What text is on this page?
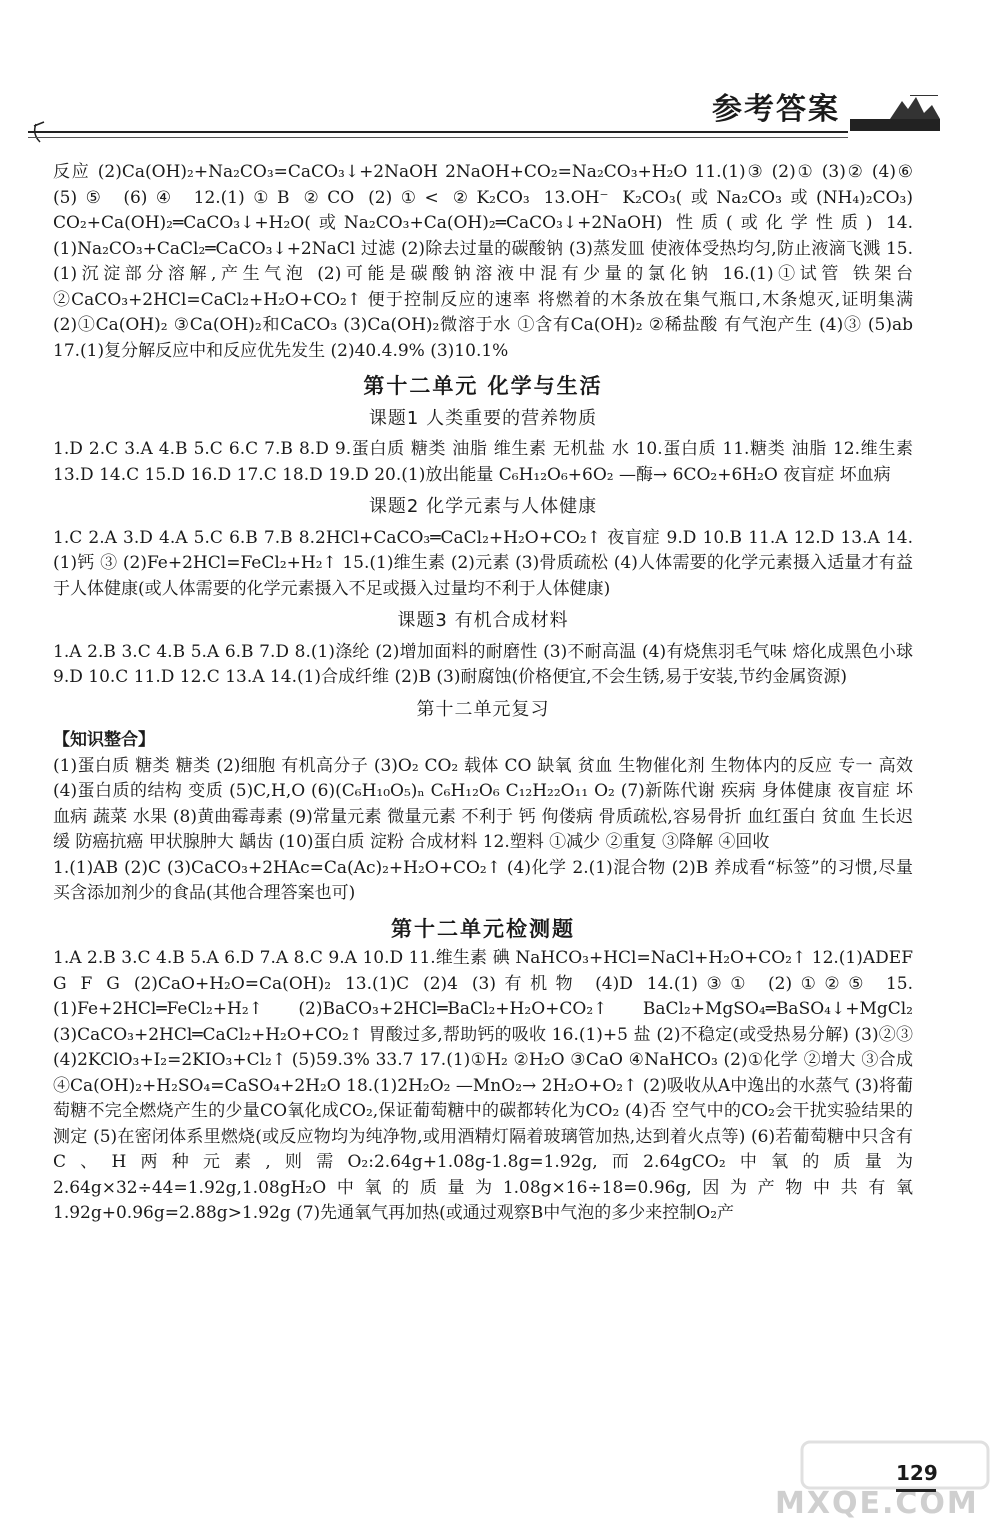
参考答案
反应 (2)Ca(OH)₂+Na₂CO₃=CaCO₃↓+2NaOH 2NaOH+CO₂=Na₂CO₃+H₂O 11.(1)③ (2)① (3)② (4)⑥ (5)⑤ (6)④ 12.(1)①B ②CO (2)①< ②K₂CO₃ 13.OH⁻ K₂CO₃(或Na₂CO₃或(NH₄)₂CO₃) CO₂+Ca(OH)₂═CaCO₃↓+H₂O(或Na₂CO₃+Ca(OH)₂═CaCO₃↓+2NaOH) 性质(或化学性质) 14.(1)Na₂CO₃+CaCl₂═CaCO₃↓+2NaCl 过滤 (2)除去过量的碳酸钠 (3)蒸发皿 使液体受热均匀,防止液滴飞溅 15.(1)沉淀部分溶解,产生气泡 (2)可能是碳酸钠溶液中混有少量的氯化钠 16.(1)①试管 铁架台 ②CaCO₃+2HCl=CaCl₂+H₂O+CO₂↑ 便于控制反应的速率 将燃着的木条放在集气瓶口,木条熄灭,证明集满 (2)①Ca(OH)₂ ③Ca(OH)₂和CaCO₃ (3)Ca(OH)₂微溶于水 ①含有Ca(OH)₂ ②稀盐酸 有气泡产生 (4)③ (5)ab 17.(1)复分解反应中和反应优先发生 (2)40.4.9% (3)10.1%
第十二单元 化学与生活
课题1 人类重要的营养物质
1.D 2.C 3.A 4.B 5.C 6.C 7.B 8.D 9.蛋白质 糖类 油脂 维生素 无机盐 水 10.蛋白质 11.糖类 油脂 12.维生素 13.D 14.C 15.D 16.D 17.C 18.D 19.D 20.(1)放出能量 C₆H₁₂O₆+6O₂ —酶→ 6CO₂+6H₂O 夜盲症 坏血病
课题2 化学元素与人体健康
1.C 2.A 3.D 4.A 5.C 6.B 7.B 8.2HCl+CaCO₃═CaCl₂+H₂O+CO₂↑ 夜盲症 9.D 10.B 11.A 12.D 13.A 14.(1)钙 ③ (2)Fe+2HCl=FeCl₂+H₂↑ 15.(1)维生素 (2)元素 (3)骨质疏松 (4)人体需要的化学元素摄入适量才有益于人体健康(或人体需要的化学元素摄入不足或摄入过量均不利于人体健康)
课题3 有机合成材料
1.A 2.B 3.C 4.B 5.A 6.B 7.D 8.(1)涤纶 (2)增加面料的耐磨性 (3)不耐高温 (4)有烧焦羽毛气味 熔化成黑色小球 9.D 10.C 11.D 12.C 13.A 14.(1)合成纤维 (2)B (3)耐腐蚀(价格便宜,不会生锈,易于安装,节约金属资源)
第十二单元复习
【知识整合】
(1)蛋白质 糖类 糖类 (2)细胞 有机高分子 (3)O₂ CO₂ 载体 CO 缺氧 贫血 生物催化剂 生物体内的反应 专一 高效 (4)蛋白质的结构 变质 (5)C,H,O (6)(C₆H₁₀O₅)ₙ C₆H₁₂O₆ C₁₂H₂₂O₁₁ O₂ (7)新陈代谢 疾病 身体健康 夜盲症 坏血病 蔬菜 水果 (8)黄曲霉毒素 (9)常量元素 微量元素 不利于 钙 佝偻病 骨质疏松,容易骨折 血红蛋白 贫血 生长迟缓 防癌抗癌 甲状腺肿大 龋齿 (10)蛋白质 淀粉 合成材料 12.塑料 ①减少 ②重复 ③降解 ④回收
1.(1)AB (2)C (3)CaCO₃+2HAc=Ca(Ac)₂+H₂O+CO₂↑ (4)化学 2.(1)混合物 (2)B 养成看“标签”的习惯,尽量买含添加剂少的食品(其他合理答案也可)
第十二单元检测题
1.A 2.B 3.C 4.B 5.A 6.D 7.A 8.C 9.A 10.D 11.维生素 碘 NaHCO₃+HCl=NaCl+H₂O+CO₂↑ 12.(1)ADEF G F G (2)CaO+H₂O=Ca(OH)₂ 13.(1)C (2)4 (3)有机物 (4)D 14.(1)③① (2)①②⑤ 15.(1)Fe+2HCl═FeCl₂+H₂↑ (2)BaCO₃+2HCl═BaCl₂+H₂O+CO₂↑ BaCl₂+MgSO₄═BaSO₄↓+MgCl₂ (3)CaCO₃+2HCl═CaCl₂+H₂O+CO₂↑ 胃酸过多,帮助钙的吸收 16.(1)+5 盐 (2)不稳定(或受热易分解) (3)②③ (4)2KClO₃+I₂=2KIO₃+Cl₂↑ (5)59.3% 33.7 17.(1)①H₂ ②H₂O ③CaO ④NaHCO₃ (2)①化学 ②增大 ③合成 ④Ca(OH)₂+H₂SO₄=CaSO₄+2H₂O 18.(1)2H₂O₂ —MnO₂→ 2H₂O+O₂↑ (2)吸收从A中逸出的水蒸气 (3)将葡萄糖不完全燃烧产生的少量CO氧化成CO₂,保证葡萄糖中的碳都转化为CO₂ (4)否 空气中的CO₂会干扰实验结果的测定 (5)在密闭体系里燃烧(或反应物均为纯净物,或用酒精灯隔着玻璃管加热,达到着火点等) (6)若葡萄糖中只含有C、H两种元素,则需O₂:2.64g+1.08g-1.8g=1.92g,而2.64gCO₂中氧的质量为2.64g×32÷44=1.92g,1.08gH₂O中氧的质量为1.08g×16÷18=0.96g,因为产物中共有氧1.92g+0.96g=2.88g>1.92g (7)先通氧气再加热(或通过观察B中气泡的多少来控制O₂产
MXQE.COM
129
